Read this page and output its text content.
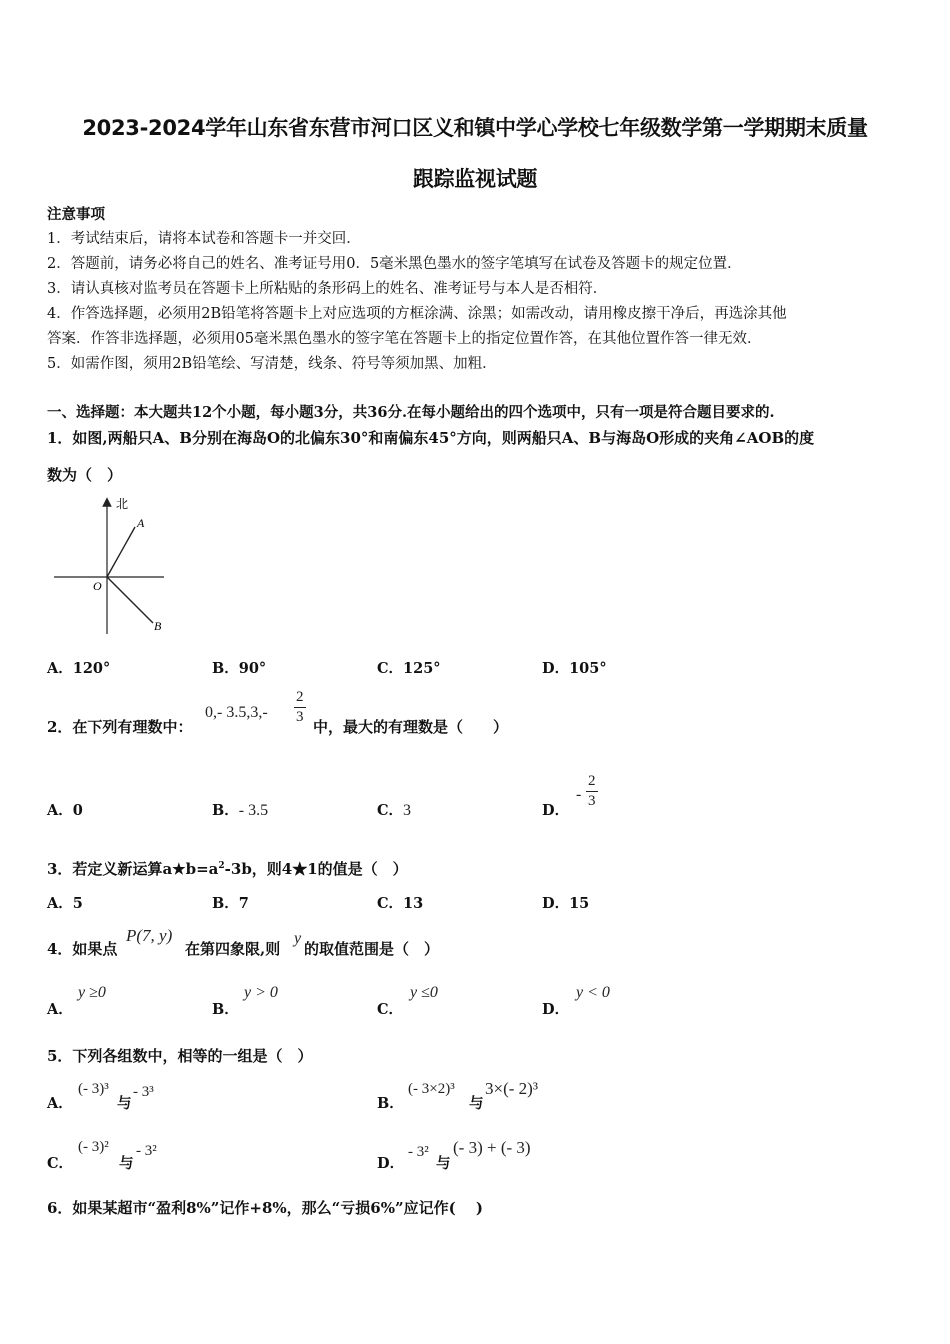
2023-2024学年山东省东营市河口区义和镇中学心学校七年级数学第一学期期末质量
跟踪监视试题
注意事项
1．考试结束后，请将本试卷和答题卡一并交回．
2．答题前，请务必将自己的姓名、准考证号用0．5毫米黑色墨水的签字笔填写在试卷及答题卡的规定位置．
3．请认真核对监考员在答题卡上所粘贴的条形码上的姓名、准考证号与本人是否相符．
4．作答选择题，必须用2B铅笔将答题卡上对应选项的方框涂满、涂黑；如需改动，请用橡皮擦干净后，再选涂其他
答案．作答非选择题，必须用05毫米黑色墨水的签字笔在答题卡上的指定位置作答，在其他位置作答一律无效．
5．如需作图，须用2B铅笔绘、写清楚，线条、符号等须加黑、加粗．
一、选择题：本大题共12个小题，每小题3分，共36分.在每小题给出的四个选项中，只有一项是符合题目要求的.
1．如图,两船只A、B分别在海岛O的北偏东30°和南偏东45°方向，则两船只A、B与海岛O形成的夹角∠AOB的度
数为（　）
北
A
O
B
A．120°	B．90°	C．125°	D．105°
2．在下列有理数中：
0,- $3.5,3,- \frac{2}{3}$
中，最大的有理数是（　　）
A．0	B．- 3.5	C．3	D．
- $\frac{2}{3}$
3．若定义新运算$a★b=a^2-3b$，则4★1的值是（　）
A．5	B．7	C．13	D．15
4．如果点
P(7, y)
在第四象限,则
y
的取值范围是（　）
A．
y ≥0
B．
y > 0
C．
y ≤0
D．
y < 0
5．下列各组数中，相等的一组是（　）
A．
(- 3)³
与
- 3³
B．
(- 3×2)³
与
3×(- 2)³
C．
(- 3)²
与
- 3²
D．
- 3²
与
(- 3) + (- 3)
6．如果某超市“盈利8%”记作+8%，那么“亏损6%”应记作(　 )
